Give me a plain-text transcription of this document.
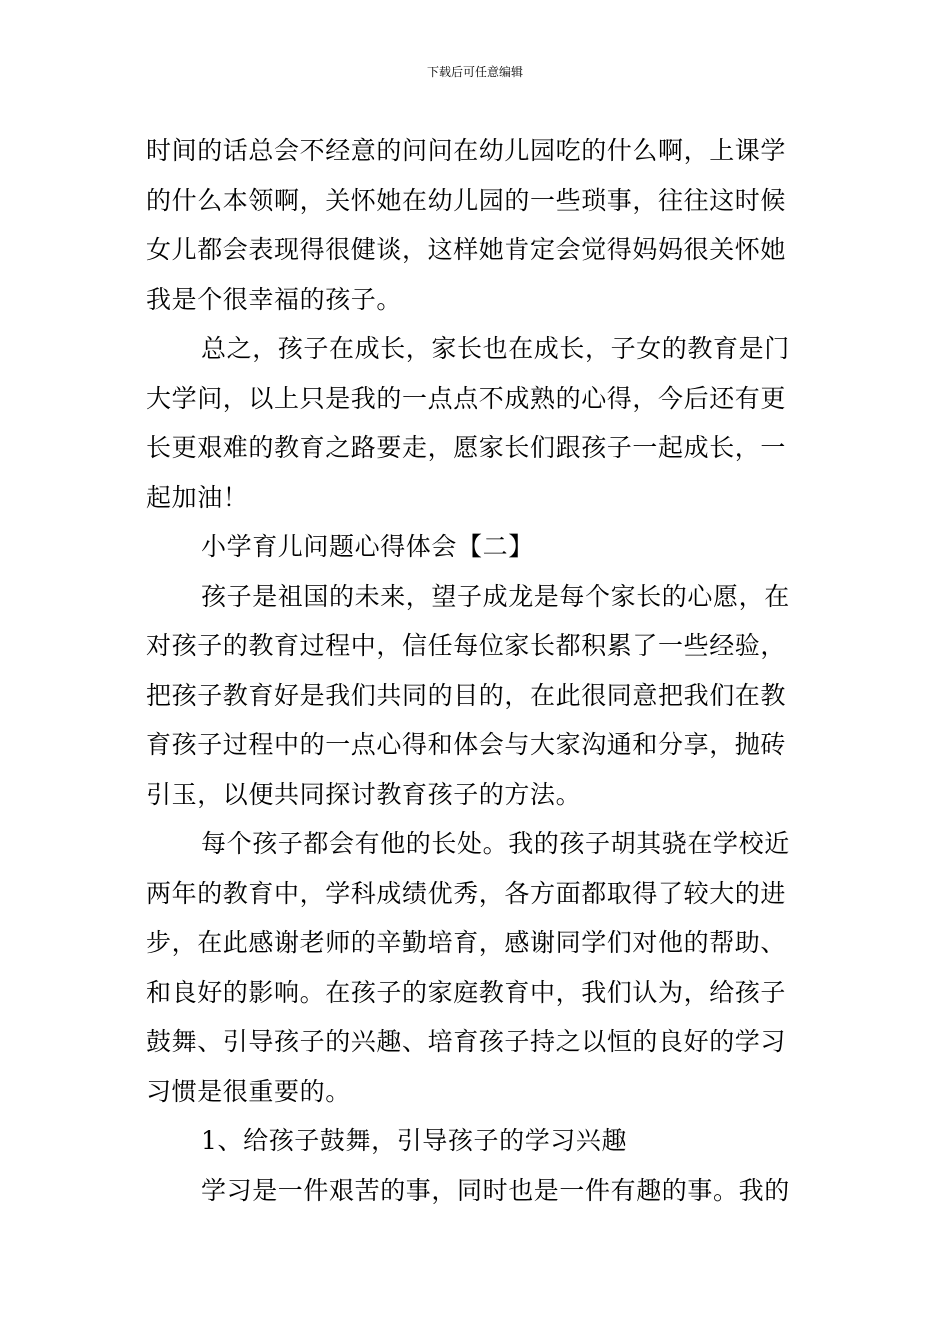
下载后可任意编辑
时间的话总会不经意的问问在幼儿园吃的什么啊，上课学
的什么本领啊，关怀她在幼儿园的一些琐事，往往这时候
女儿都会表现得很健谈，这样她肯定会觉得妈妈很关怀她
我是个很幸福的孩子。
总之，孩子在成长，家长也在成长，子女的教育是门
大学问，以上只是我的一点点不成熟的心得，今后还有更
长更艰难的教育之路要走，愿家长们跟孩子一起成长，一
起加油！
小学育儿问题心得体会【二】
孩子是祖国的未来，望子成龙是每个家长的心愿，在
对孩子的教育过程中，信任每位家长都积累了一些经验，
把孩子教育好是我们共同的目的，在此很同意把我们在教
育孩子过程中的一点心得和体会与大家沟通和分享，抛砖
引玉，以便共同探讨教育孩子的方法。
每个孩子都会有他的长处。我的孩子胡其骁在学校近
两年的教育中，学科成绩优秀，各方面都取得了较大的进
步，在此感谢老师的辛勤培育，感谢同学们对他的帮助、
和良好的影响。在孩子的家庭教育中，我们认为，给孩子
鼓舞、引导孩子的兴趣、培育孩子持之以恒的良好的学习
习惯是很重要的。
1、给孩子鼓舞，引导孩子的学习兴趣
学习是一件艰苦的事，同时也是一件有趣的事。我的
